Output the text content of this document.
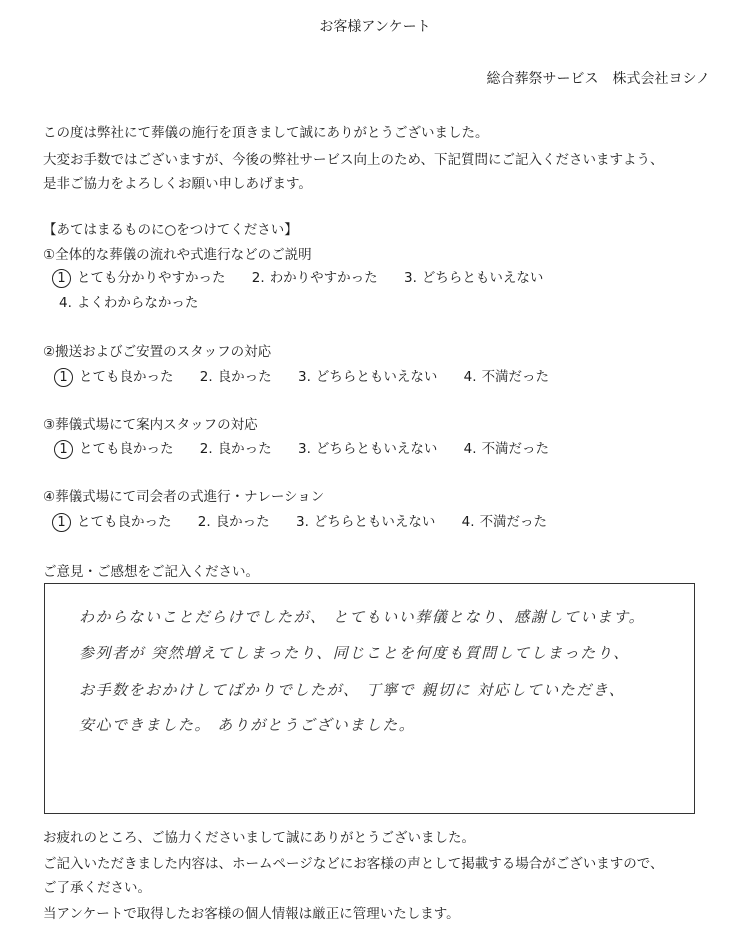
お客様アンケート
総合葬祭サービス　株式会社ヨシノ
この度は弊社にて葬儀の施行を頂きまして誠にありがとうございました。
大変お手数ではございますが、今後の弊社サービス向上のため、下記質問にご記入くださいますよう、
是非ご協力をよろしくお願い申しあげます。
【あてはまるものに○をつけてください】
①全体的な葬儀の流れや式進行などのご説明
1 とても分かりやすかった 2. わかりやすかった 3. どちらともいえない
4. よくわからなかった
②搬送およびご安置のスタッフの対応
1 とても良かった 2. 良かった 3. どちらともいえない 4. 不満だった
③葬儀式場にて案内スタッフの対応
1 とても良かった 2. 良かった 3. どちらともいえない 4. 不満だった
④葬儀式場にて司会者の式進行・ナレーション
1 とても良かった 2. 良かった 3. どちらともいえない 4. 不満だった
ご意見・ご感想をご記入ください。
わからないことだらけでしたが、 とてもいい葬儀となり、感謝しています。
参列者が 突然増えてしまったり、同じことを何度も質問してしまったり、
お手数をおかけしてばかりでしたが、 丁寧で 親切に 対応していただき、
安心できました。 ありがとうございました。
お疲れのところ、ご協力くださいまして誠にありがとうございました。
ご記入いただきました内容は、ホームページなどにお客様の声として掲載する場合がございますので、
ご了承ください。
当アンケートで取得したお客様の個人情報は厳正に管理いたします。
